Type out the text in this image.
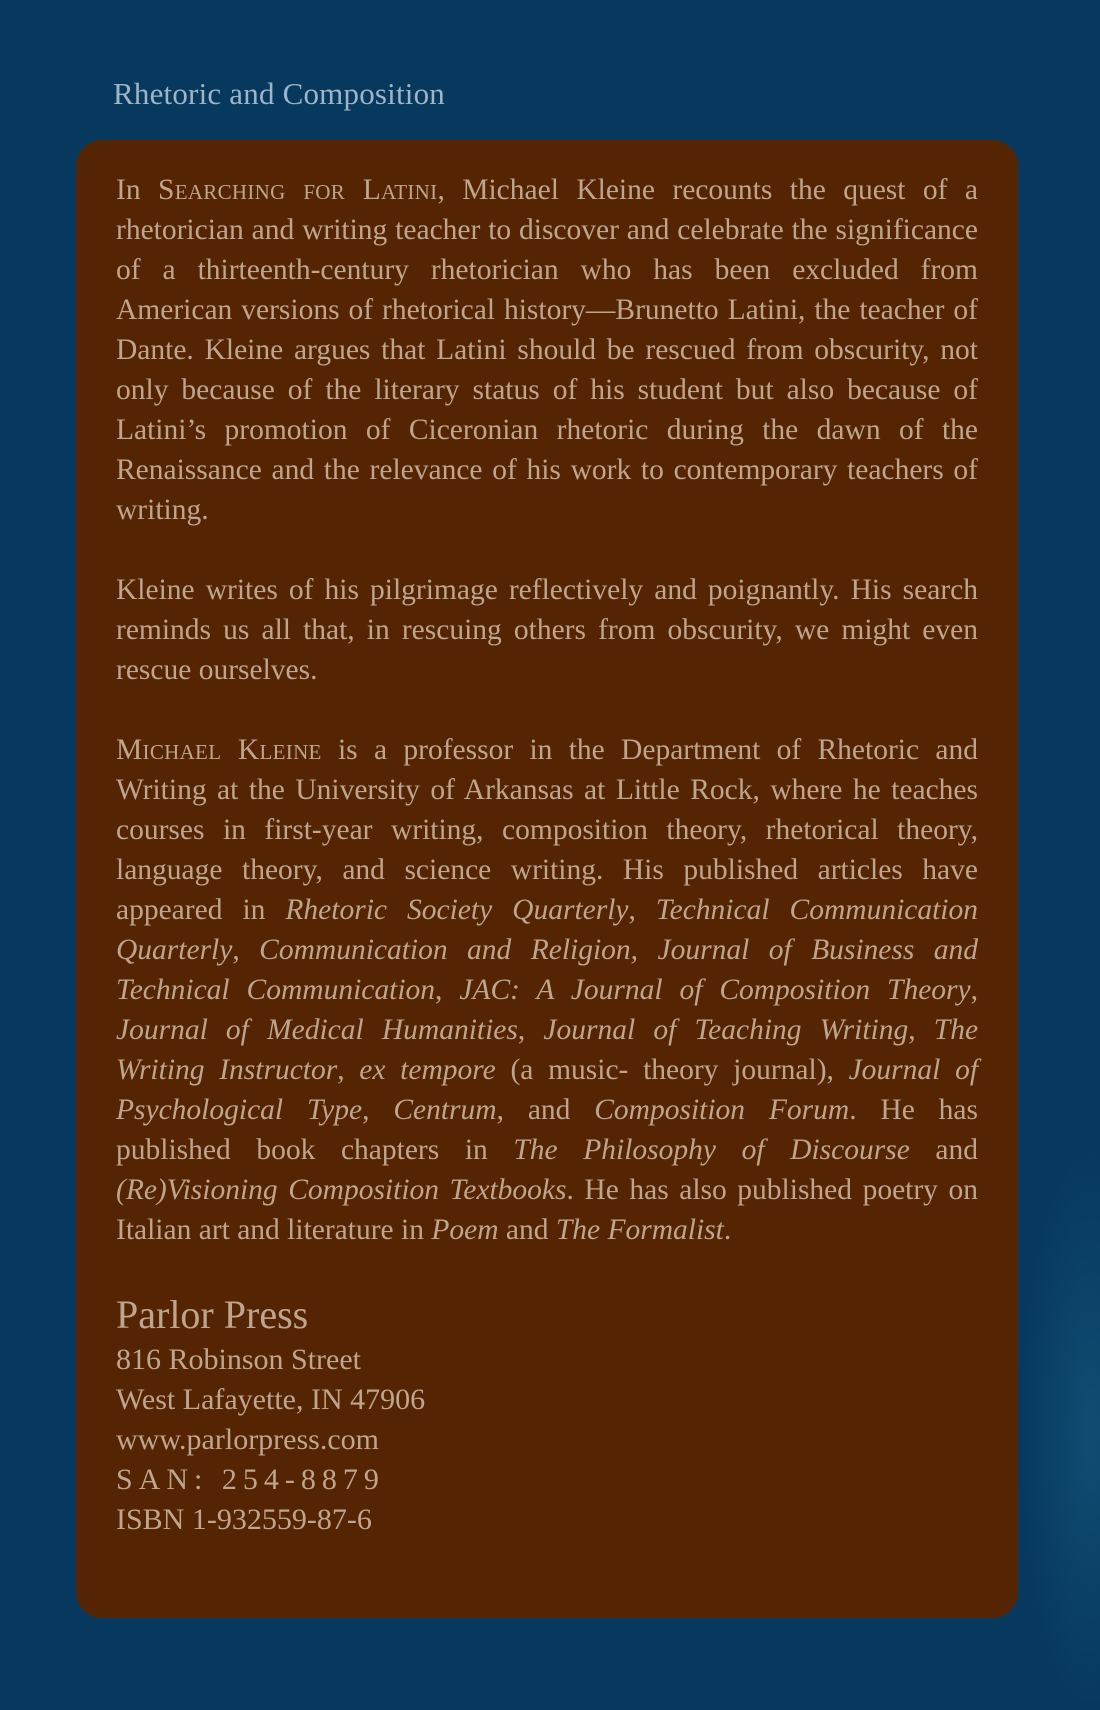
Rhetoric and Composition

In Searching for Latini, Michael Kleine recounts the quest of a rhetorician and writing teacher to discover and celebrate the significance of a thirteenth-century rhetorician who has been excluded from American versions of rhetorical history—Brunetto Latini, the teacher of Dante. Kleine argues that Latini should be rescued from obscurity, not only because of the literary status of his student but also because of Latini’s promotion of Ciceronian rhetoric during the dawn of the Renaissance and the relevance of his work to contemporary teachers of writing.

Kleine writes of his pilgrimage reflectively and poignantly. His search reminds us all that, in rescuing others from obscurity, we might even rescue ourselves.

Michael Kleine is a professor in the Department of Rhetoric and Writing at the University of Arkansas at Little Rock, where he teaches courses in first-year writing, composition theory, rhetorical theory, language theory, and science writing. His published articles have appeared in Rhetoric Society Quarterly, Technical Communication Quarterly, Communication and Religion, Journal of Business and Technical Communication, JAC: A Journal of Composition Theory, Journal of Medical Humanities, Journal of Teaching Writing, The Writing Instructor, ex tempore (a music- theory journal), Journal of Psychological Type, Centrum, and Composition Forum. He has published book chapters in The Philosophy of Discourse and (Re)Visioning Composition Textbooks. He has also published poetry on Italian art and literature in Poem and The Formalist.

Parlor Press
816 Robinson Street
West Lafayette, IN 47906
www.parlorpress.com
SAN: 254-8879
ISBN 1-932559-87-6
